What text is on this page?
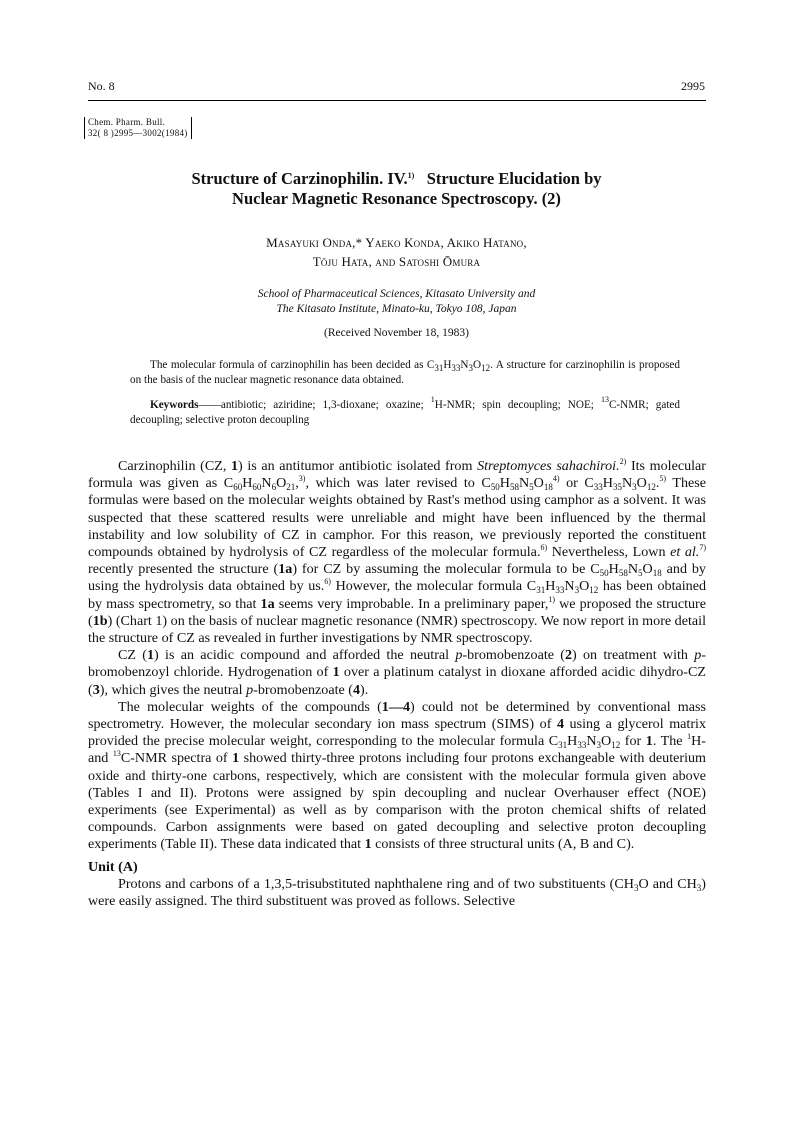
No. 8	2995
Chem. Pharm. Bull.
32( 8 )2995—3002(1984)
Structure of Carzinophilin. IV.$^{1)}$ Structure Elucidation by
Nuclear Magnetic Resonance Spectroscopy. (2)
Masayuki Onda,* Yaeko Konda, Akiko Hatano,
Tōju Hata, and Satoshi Ōmura
School of Pharmaceutical Sciences, Kitasato University and
The Kitasato Institute, Minato-ku, Tokyo 108, Japan
(Received November 18, 1983)
The molecular formula of carzinophilin has been decided as $C_{31}H_{33}N_3O_{12}$. A structure for carzinophilin is proposed on the basis of the nuclear magnetic resonance data obtained.
Keywords——antibiotic; aziridine; 1,3-dioxane; oxazine; $^1$H-NMR; spin decoupling; NOE; $^{13}$C-NMR; gated decoupling; selective proton decoupling

Carzinophilin (CZ, 1) is an antitumor antibiotic isolated from Streptomyces sahachiroi.$^{2)}$ Its molecular formula was given as $C_{60}H_{60}N_6O_{21},^{3)}$, which was later revised to $C_{50}H_{58}N_5O_{18}^{4)}$ or $C_{33}H_{35}N_3O_{12}.^{5)}$ These formulas were based on the molecular weights obtained by Rast's method using camphor as a solvent. It was suspected that these scattered results were unreliable and might have been influenced by the thermal instability and low solubility of CZ in camphor. For this reason, we previously reported the constituent compounds obtained by hydrolysis of CZ regardless of the molecular formula.$^{6)}$ Nevertheless, Lown et al.$^{7)}$ recently presented the structure (1a) for CZ by assuming the molecular formula to be $C_{50}H_{58}N_5O_{18}$ and by using the hydrolysis data obtained by us.$^{6)}$ However, the molecular formula $C_{31}H_{33}N_3O_{12}$ has been obtained by mass spectrometry, so that 1a seems very improbable. In a preliminary paper,$^{1)}$ we proposed the structure (1b) (Chart 1) on the basis of nuclear magnetic resonance (NMR) spectroscopy. We now report in more detail the structure of CZ as revealed in further investigations by NMR spectroscopy.

CZ (1) is an acidic compound and afforded the neutral p-bromobenzoate (2) on treatment with p-bromobenzoyl chloride. Hydrogenation of 1 over a platinum catalyst in dioxane afforded acidic dihydro-CZ (3), which gives the neutral p-bromobenzoate (4).

The molecular weights of the compounds (1—4) could not be determined by conventional mass spectrometry. However, the molecular secondary ion mass spectrum (SIMS) of 4 using a glycerol matrix provided the precise molecular weight, corresponding to the molecular formula $C_{31}H_{33}N_3O_{12}$ for 1. The $^1$H- and $^{13}$C-NMR spectra of 1 showed thirty-three protons including four protons exchangeable with deuterium oxide and thirty-one carbons, respectively, which are consistent with the molecular formula given above (Tables I and II). Protons were assigned by spin decoupling and nuclear Overhauser effect (NOE) experiments (see Experimental) as well as by comparison with the proton chemical shifts of related compounds. Carbon assignments were based on gated decoupling and selective proton decoupling experiments (Table II). These data indicated that 1 consists of three structural units (A, B and C).

Unit (A)

Protons and carbons of a 1,3,5-trisubstituted naphthalene ring and of two substituents ($CH_3O$ and $CH_3$) were easily assigned. The third substituent was proved as follows. Selective
